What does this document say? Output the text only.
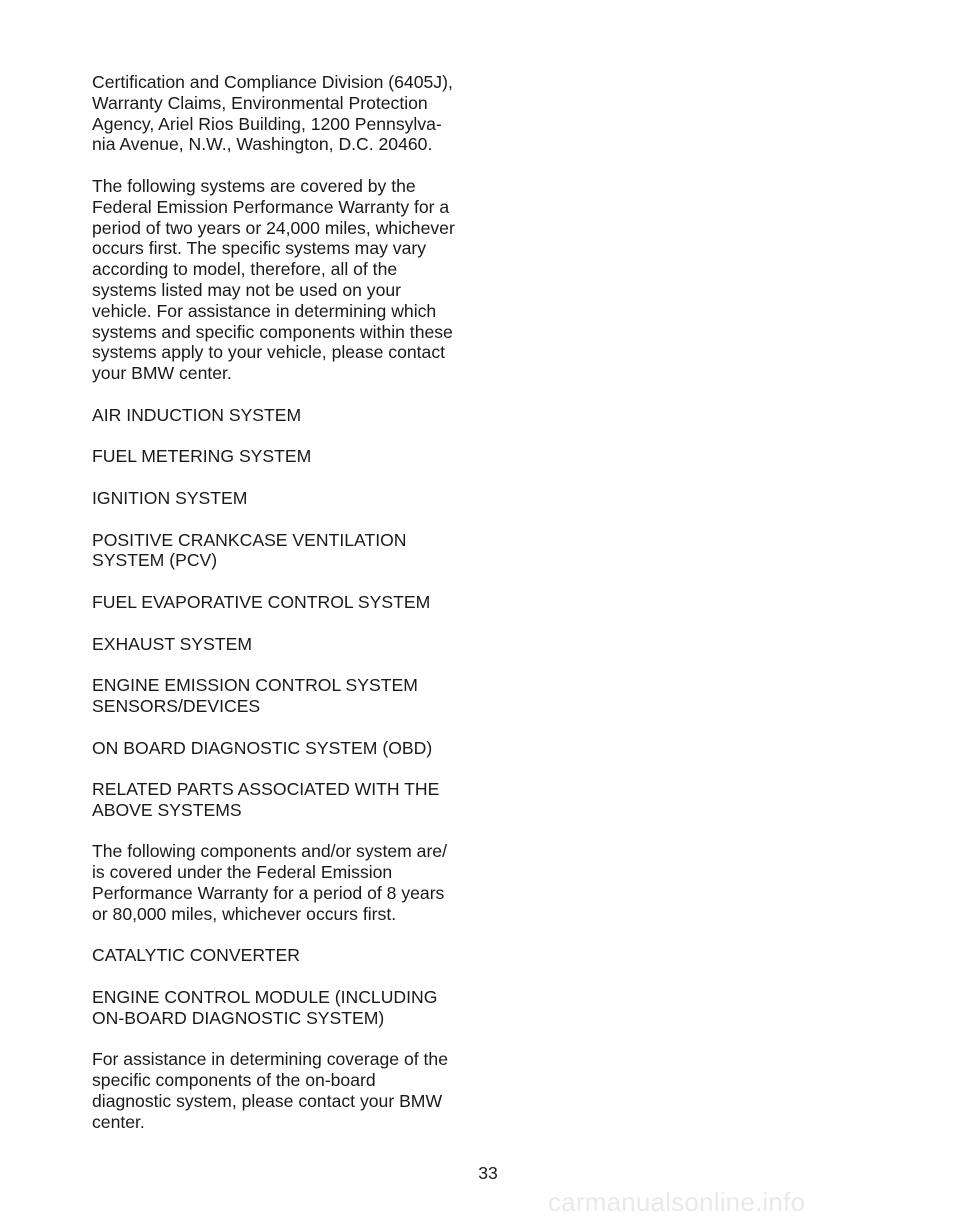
Certification and Compliance Division (6405J),
Warranty Claims, Environmental Protection
Agency, Ariel Rios Building, 1200 Pennsylva-
nia Avenue, N.W., Washington, D.C. 20460.

The following systems are covered by the
Federal Emission Performance Warranty for a
period of two years or 24,000 miles, whichever
occurs first. The specific systems may vary
according to model, therefore, all of the
systems listed may not be used on your
vehicle. For assistance in determining which
systems and specific components within these
systems apply to your vehicle, please contact
your BMW center.

AIR INDUCTION SYSTEM

FUEL METERING SYSTEM

IGNITION SYSTEM

POSITIVE CRANKCASE VENTILATION
SYSTEM (PCV)

FUEL EVAPORATIVE CONTROL SYSTEM

EXHAUST SYSTEM

ENGINE EMISSION CONTROL SYSTEM
SENSORS/DEVICES

ON BOARD DIAGNOSTIC SYSTEM (OBD)

RELATED PARTS ASSOCIATED WITH THE
ABOVE SYSTEMS

The following components and/or system are/
is covered under the Federal Emission
Performance Warranty for a period of 8 years
or 80,000 miles, whichever occurs first.

CATALYTIC CONVERTER

ENGINE CONTROL MODULE (INCLUDING
ON-BOARD DIAGNOSTIC SYSTEM)

For assistance in determining coverage of the
specific components of the on-board
diagnostic system, please contact your BMW
center.

33
carmanualsonline.info
